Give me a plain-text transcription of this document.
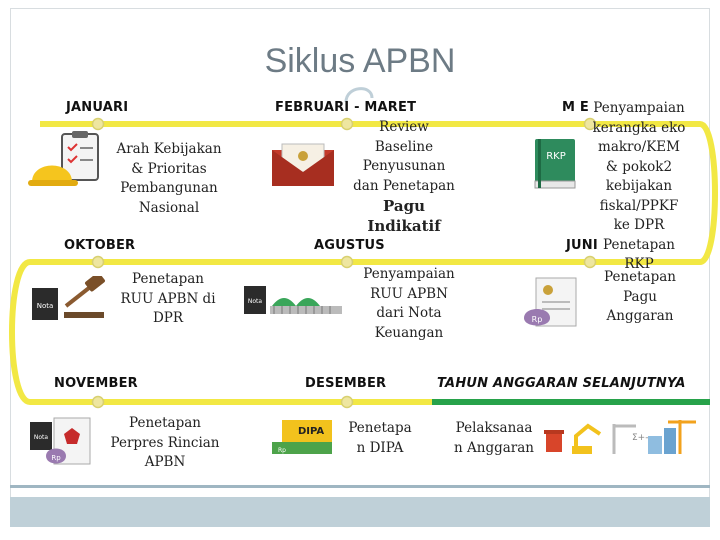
Siklus APBN
JANUARI	FEBRUARI - MARET	M E
OKTOBER	AGUSTUS	JUNI
NOVEMBER	DESEMBER	TAHUN ANGGARAN SELANJUTNYA
Arah Kebijakan
& Prioritas
Pembangunan
Nasional
Review
Baseline
Penyusunan
dan Penetapan
Pagu
Indikatif
Penyampaian
kerangka eko
makro/KEM
& pokok2
kebijakan
fiskal/PPKF
ke DPR
Penetapan
RKP
Penetapan
Pagu
Anggaran
Penetapan
RUU APBN di
DPR
Penyampaian
RUU APBN
dari Nota
Keuangan
Penetapan
Perpres Rincian
APBN
Penetapa
n DIPA
Pelaksanaa
n Anggaran
RKP
Nota
Nota
Rp
Nota
Rp
DIPA
Rp
Σ+-
